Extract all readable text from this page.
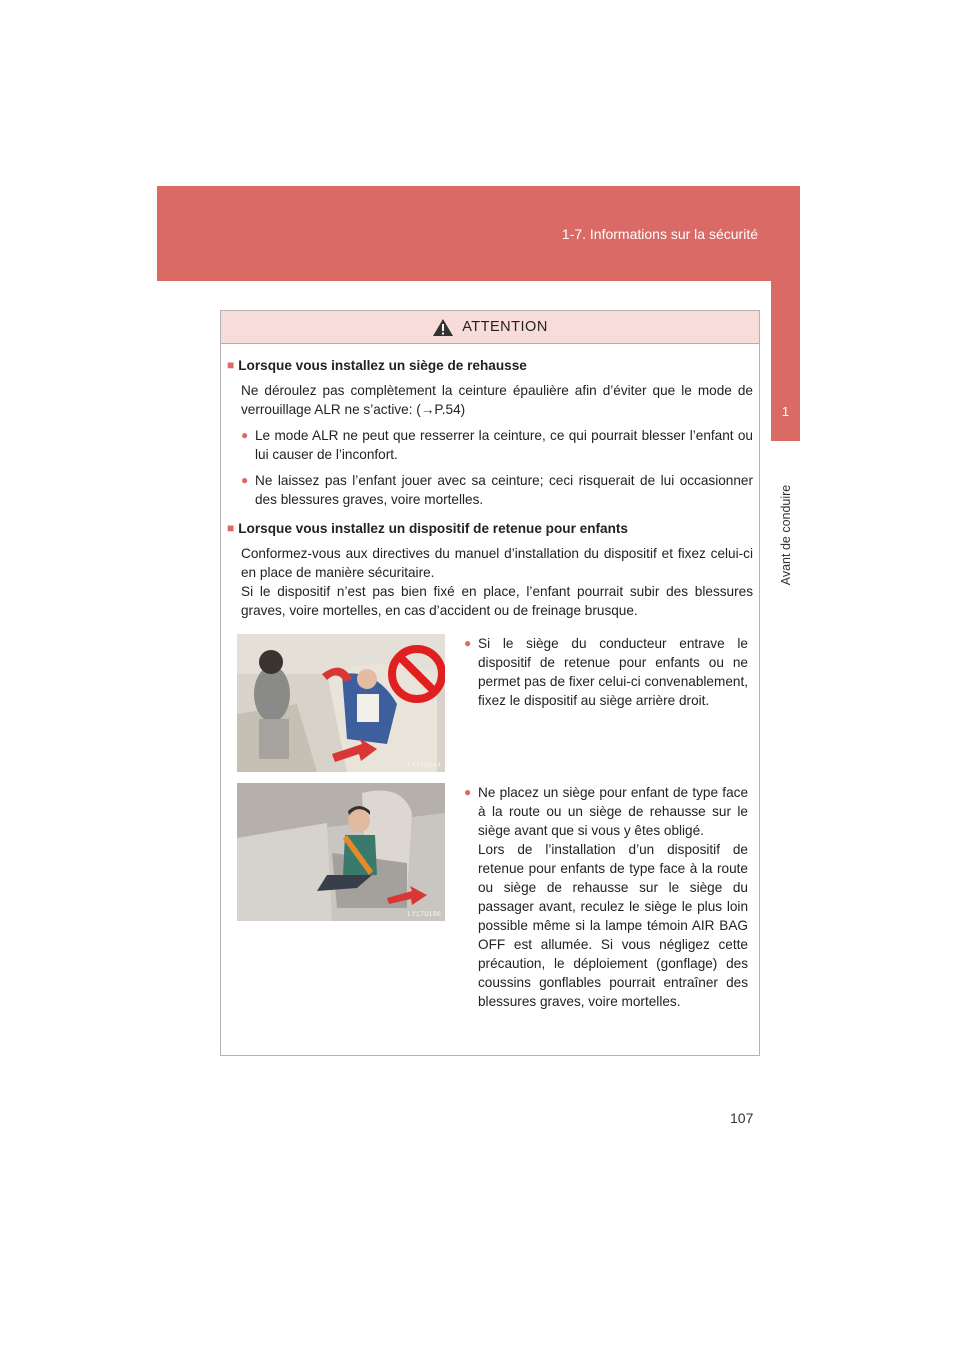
1-7. Informations sur la sécurité
1
Avant de conduire
ATTENTION
■ Lorsque vous installez un siège de rehausse
Ne déroulez pas complètement la ceinture épaulière afin d’éviter que le mode de verrouillage ALR ne s’active: (→P.54)
● Le mode ALR ne peut que resserrer la ceinture, ce qui pourrait blesser l’enfant ou lui causer de l’inconfort.
● Ne laissez pas l’enfant jouer avec sa ceinture; ceci risquerait de lui occasionner des blessures graves, voire mortelles.
■ Lorsque vous installez un dispositif de retenue pour enfants
Conformez-vous aux directives du manuel d’installation du dispositif et fixez celui-ci en place de manière sécuritaire.
Si le dispositif n’est pas bien fixé en place, l’enfant pourrait subir des blessures graves, voire mortelles, en cas d’accident ou de freinage brusque.
LY17U044
● Si le siège du conducteur entrave le dispositif de retenue pour enfants ou ne permet pas de fixer celui-ci convenablement, fixez le dispositif au siège arrière droit.
LY17U106
● Ne placez un siège pour enfant de type face à la route ou un siège de rehausse sur le siège avant que si vous y êtes obligé.
Lors de l’installation d’un dispositif de retenue pour enfants de type face à la route ou siège de rehausse sur le siège du passager avant, reculez le siège le plus loin possible même si la lampe témoin AIR BAG OFF est allumée. Si vous négligez cette précaution, le déploiement (gonflage) des coussins gonflables pourrait entraîner des blessures graves, voire mortelles.
107
